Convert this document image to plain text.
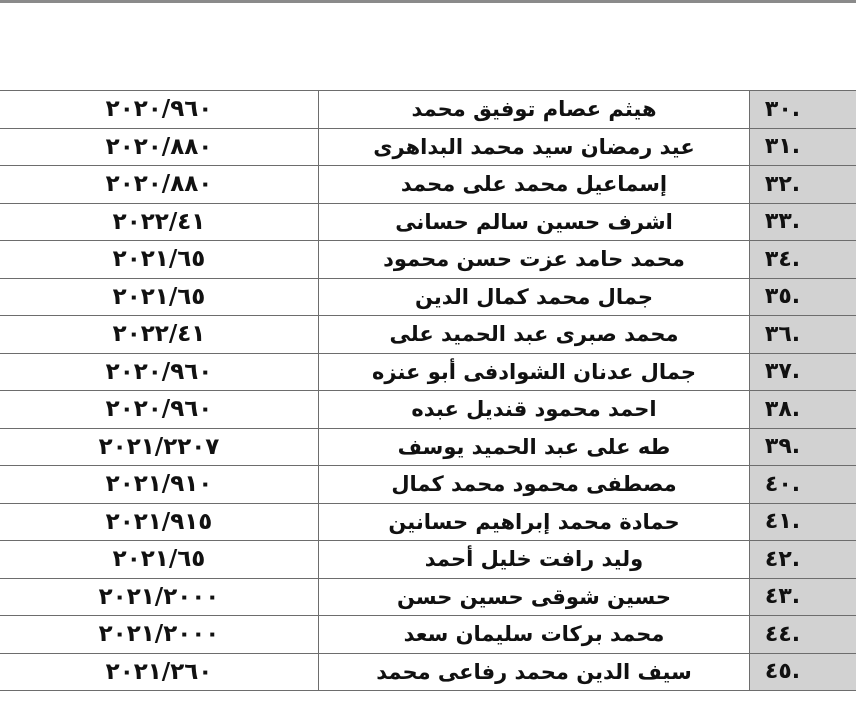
.٣٠	هيثم عصام توفيق محمد	٢٠٢٠/٩٦٠
.٣١	عيد رمضان سيد محمد البداهرى	٢٠٢٠/٨٨٠
.٣٢	إسماعيل محمد على محمد	٢٠٢٠/٨٨٠
.٣٣	اشرف حسين سالم حسانى	٢٠٢٢/٤١
.٣٤	محمد حامد عزت حسن محمود	٢٠٢١/٦٥
.٣٥	جمال محمد كمال الدين	٢٠٢١/٦٥
.٣٦	محمد صبرى عبد الحميد على	٢٠٢٢/٤١
.٣٧	جمال عدنان الشوادفى أبو عنزه	٢٠٢٠/٩٦٠
.٣٨	احمد محمود قنديل عبده	٢٠٢٠/٩٦٠
.٣٩	طه على عبد الحميد يوسف	٢٠٢١/٢٢٠٧
.٤٠	مصطفى محمود محمد كمال	٢٠٢١/٩١٠
.٤١	حمادة محمد إبراهيم حسانين	٢٠٢١/٩١٥
.٤٢	وليد رافت خليل أحمد	٢٠٢١/٦٥
.٤٣	حسين شوقى حسين حسن	٢٠٢١/٢٠٠٠
.٤٤	محمد بركات سليمان سعد	٢٠٢١/٢٠٠٠
.٤٥	سيف الدين محمد رفاعى محمد	٢٠٢١/٢٦٠
